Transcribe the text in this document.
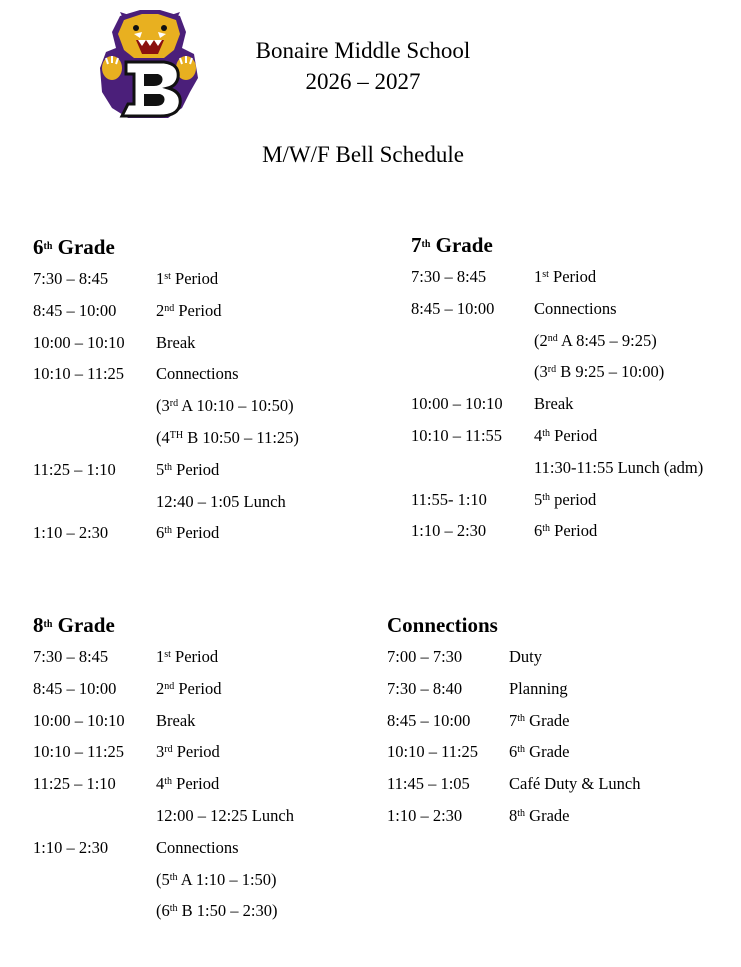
Bonaire Middle School
2026 – 2027
M/W/F Bell Schedule
6th Grade
7:30 – 8:45	1st Period
8:45 – 10:00 2nd Period
10:00 – 10:10 Break
10:10 – 11:25 Connections
(3rd A 10:10 – 10:50)
(4TH B 10:50 – 11:25)
11:25 – 1:10 5th Period
12:40 – 1:05 Lunch
1:10 – 2:30	6th Period
7th Grade
7:30 – 8:45	1st Period
8:45 – 10:00 Connections
(2nd A 8:45 – 9:25)
(3rd B 9:25 – 10:00)
10:00 – 10:10 Break
10:10 – 11:55 4th Period
11:30-11:55 Lunch (adm)
11:55- 1:10	5th period
1:10 – 2:30	6th Period
8th Grade
7:30 – 8:45	1st Period
8:45 – 10:00 2nd Period
10:00 – 10:10 Break
10:10 – 11:25 3rd Period
11:25 – 1:10 4th Period
12:00 – 12:25 Lunch
1:10 – 2:30	Connections
(5th A 1:10 – 1:50)
(6th B 1:50 – 2:30)
Connections
7:00 – 7:30	Duty
7:30 – 8:40	Planning
8:45 – 10:00 7th Grade
10:10 – 11:25 6th Grade
11:45 – 1:05 Café Duty & Lunch
1:10 – 2:30	8th Grade
